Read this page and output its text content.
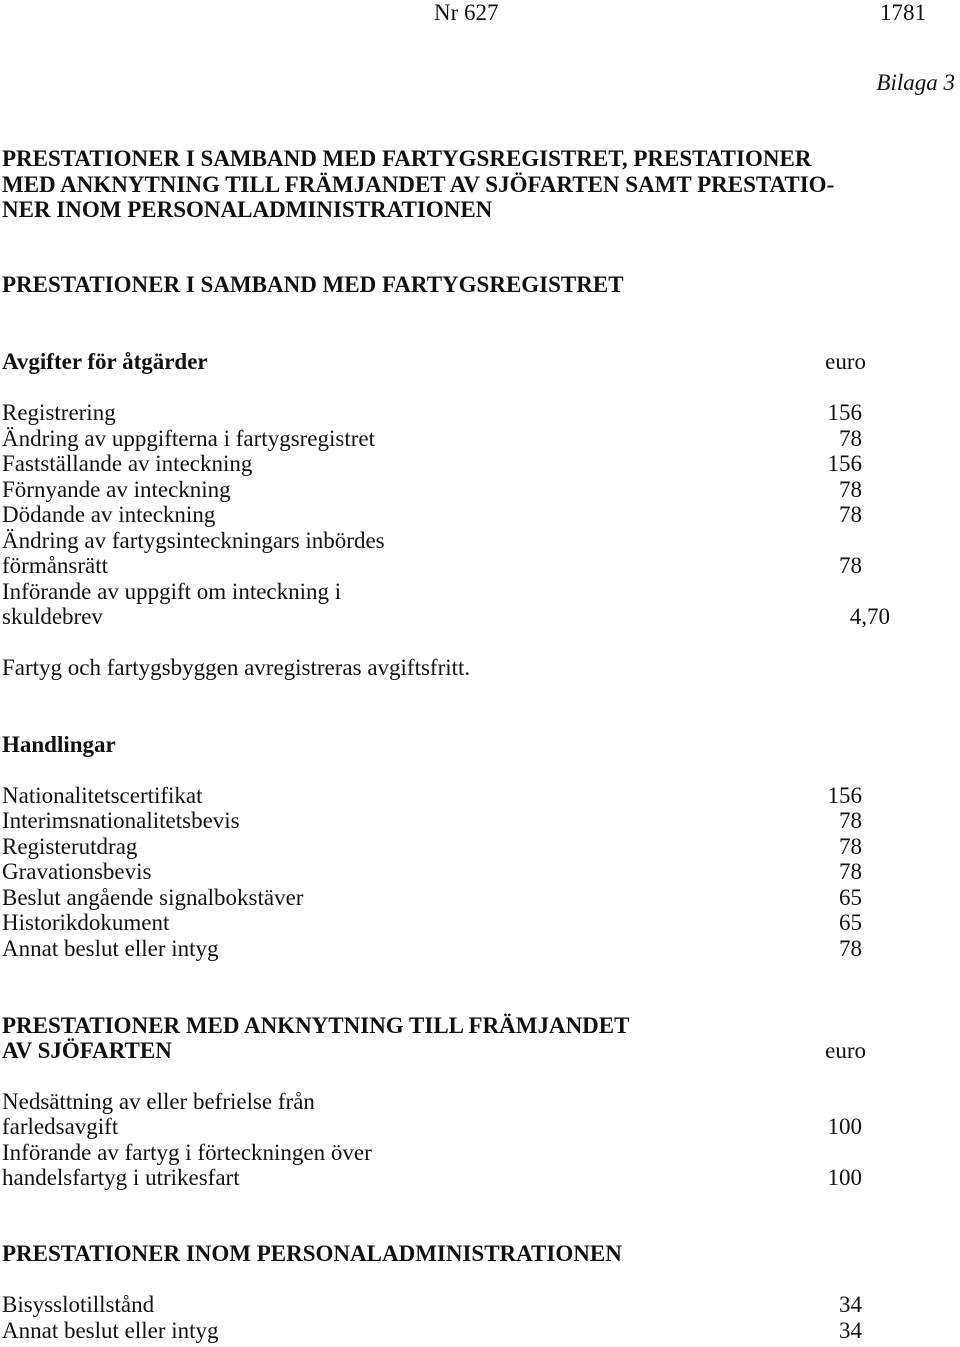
Nr 627	1781
Bilaga 3
PRESTATIONER I SAMBAND MED FARTYGSREGISTRET, PRESTATIONER
MED ANKNYTNING TILL FRÄMJANDET AV SJÖFARTEN SAMT PRESTATIO-
NER INOM PERSONALADMINISTRATIONEN
PRESTATIONER I SAMBAND MED FARTYGSREGISTRET
Avgifter för åtgärder	euro
Registrering	156
Ändring av uppgifterna i fartygsregistret	78
Fastställande av inteckning	156
Förnyande av inteckning	78
Dödande av inteckning	78
Ändring av fartygsinteckningars inbördes
förmånsrätt	78
Införande av uppgift om inteckning i
skuldebrev	4,70
Fartyg och fartygsbyggen avregistreras avgiftsfritt.
Handlingar
Nationalitetscertifikat	156
Interimsnationalitetsbevis	78
Registerutdrag	78
Gravationsbevis	78
Beslut angående signalbokstäver	65
Historikdokument	65
Annat beslut eller intyg	78
PRESTATIONER MED ANKNYTNING TILL FRÄMJANDET
AV SJÖFARTEN	euro
Nedsättning av eller befrielse från
farledsavgift	100
Införande av fartyg i förteckningen över
handelsfartyg i utrikesfart	100
PRESTATIONER INOM PERSONALADMINISTRATIONEN
Bisysslotillstånd	34
Annat beslut eller intyg	34
